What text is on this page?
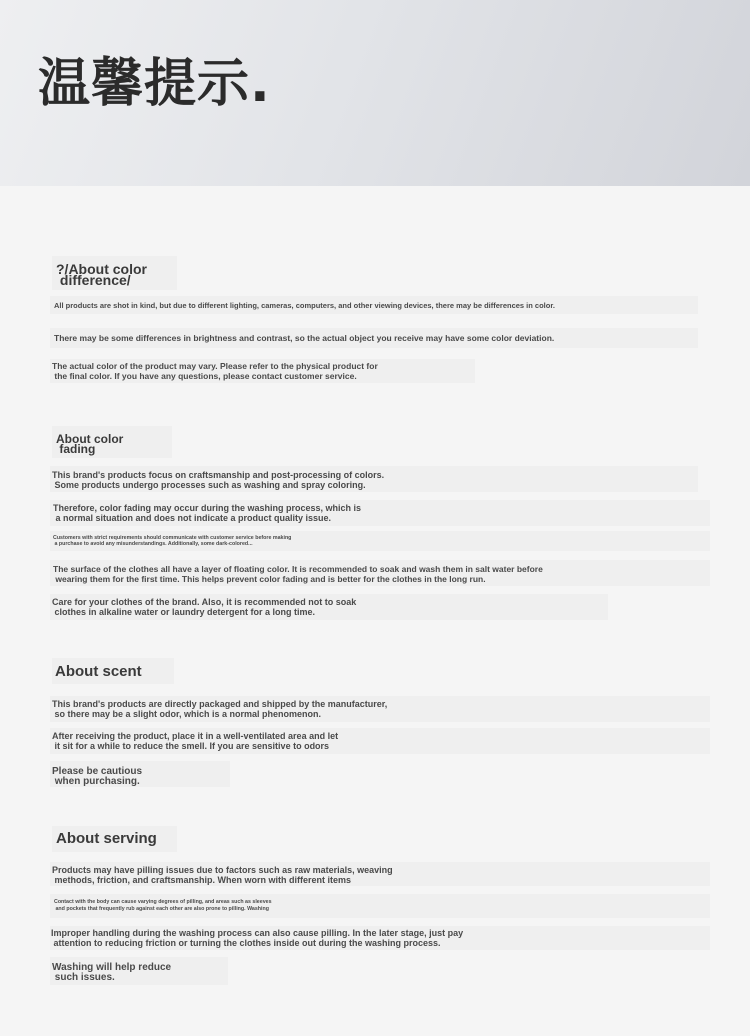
温馨提示.

?/About color
difference/

All products are shot in kind, but due to different lighting, cameras, computers, and other viewing devices, there may be differences in color.

There may be some differences in brightness and contrast, so the actual object you receive may have some color deviation.

The actual color of the product may vary. Please refer to the physical product for
the final color. If you have any questions, please contact customer service.

About color
fading

This brand's products focus on craftsmanship and post-processing of colors.
Some products undergo processes such as washing and spray coloring.

Therefore, color fading may occur during the washing process, which is
a normal situation and does not indicate a product quality issue.

Customers with strict requirements should communicate with customer service before making
a purchase to avoid any misunderstandings. Additionally, some dark-colored...

The surface of the clothes all have a layer of floating color. It is recommended to soak and wash them in salt water before
wearing them for the first time. This helps prevent color fading and is better for the clothes in the long run.

Care for your clothes of the brand. Also, it is recommended not to soak
clothes in alkaline water or laundry detergent for a long time.

About scent

This brand's products are directly packaged and shipped by the manufacturer,
so there may be a slight odor, which is a normal phenomenon.

After receiving the product, place it in a well-ventilated area and let
it sit for a while to reduce the smell. If you are sensitive to odors

Please be cautious
when purchasing.

About serving

Products may have pilling issues due to factors such as raw materials, weaving
methods, friction, and craftsmanship. When worn with different items

Contact with the body can cause varying degrees of pilling, and areas such as sleeves
and pockets that frequently rub against each other are also prone to pilling. Washing

Improper handling during the washing process can also cause pilling. In the later stage, just pay
attention to reducing friction or turning the clothes inside out during the washing process.

Washing will help reduce
such issues.
